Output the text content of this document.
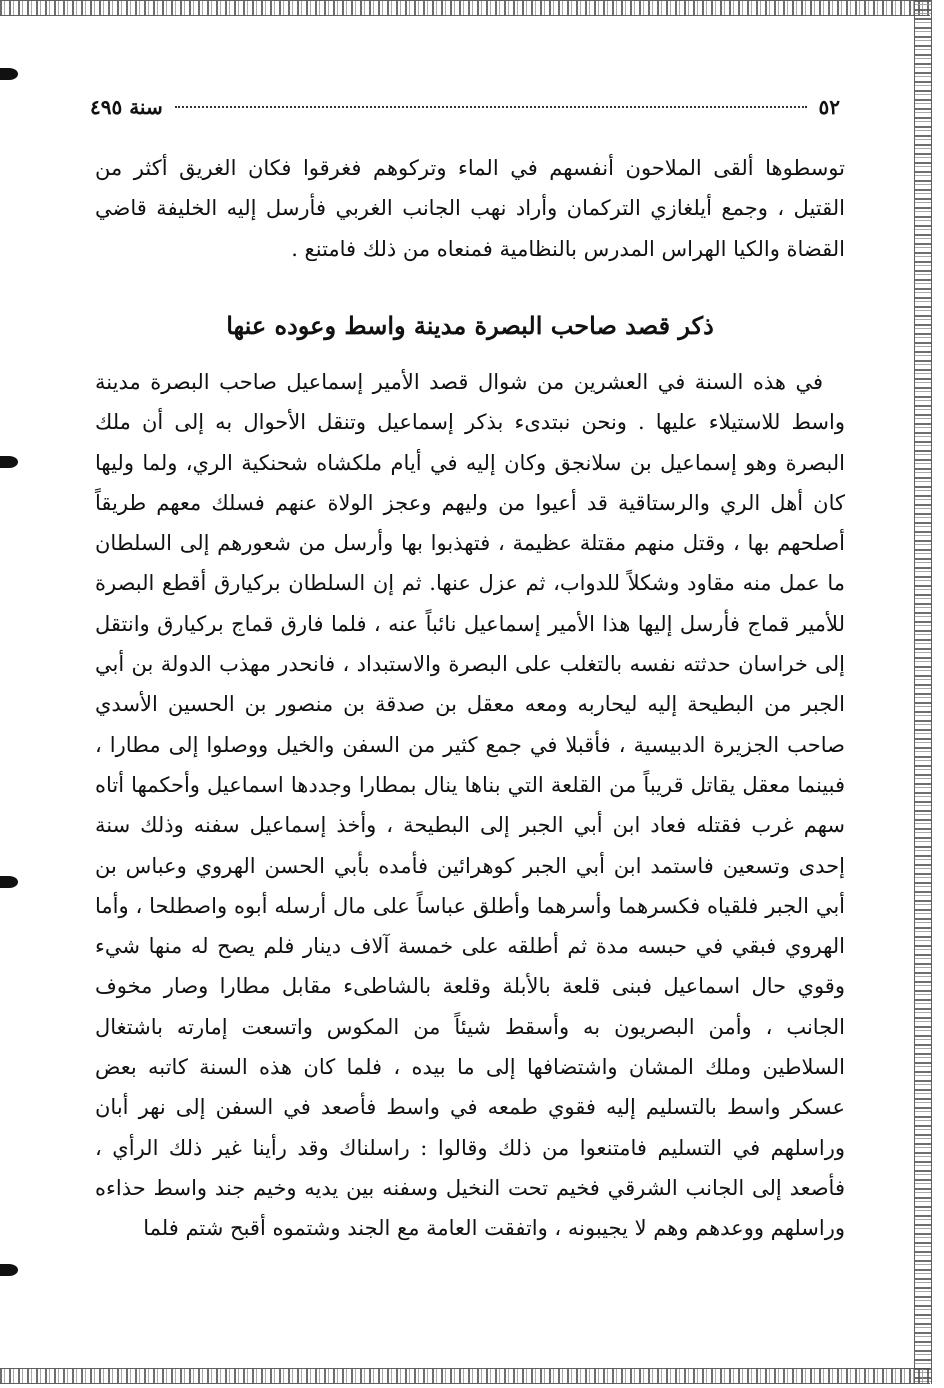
٥٢
سنة ٤٩٥

توسطوها ألقى الملاحون أنفسهم في الماء وتركوهم فغرقوا فكان الغريق أكثر من القتيل ، وجمع أيلغازي التركمان وأراد نهب الجانب الغربي فأرسل إليه الخليفة قاضي القضاة والكيا الهراس المدرس بالنظامية فمنعاه من ذلك فامتنع .

ذكر قصد صاحب البصرة مدينة واسط وعوده عنها

في هذه السنة في العشرين من شوال قصد الأمير إسماعيل صاحب البصرة مدينة واسط للاستيلاء عليها . ونحن نبتدىء بذكر إسماعيل وتنقل الأحوال به إلى أن ملك البصرة وهو إسماعيل بن سلانجق وكان إليه في أيام ملكشاه شحنكية الري، ولما وليها كان أهل الري والرستاقية قد أعيوا من وليهم وعجز الولاة عنهم فسلك معهم طريقاً أصلحهم بها ، وقتل منهم مقتلة عظيمة ، فتهذبوا بها وأرسل من شعورهم إلى السلطان ما عمل منه مقاود وشكلاً للدواب، ثم عزل عنها. ثم إن السلطان بركيارق أقطع البصرة للأمير قماج فأرسل إليها هذا الأمير إسماعيل نائباً عنه ، فلما فارق قماج بركيارق وانتقل إلى خراسان حدثته نفسه بالتغلب على البصرة والاستبداد ، فانحدر مهذب الدولة بن أبي الجبر من البطيحة إليه ليحاربه ومعه معقل بن صدقة بن منصور بن الحسين الأسدي صاحب الجزيرة الدبيسية ، فأقبلا في جمع كثير من السفن والخيل ووصلوا إلى مطارا ، فبينما معقل يقاتل قريباً من القلعة التي بناها ينال بمطارا وجددها اسماعيل وأحكمها أتاه سهم غرب فقتله فعاد ابن أبي الجبر إلى البطيحة ، وأخذ إسماعيل سفنه وذلك سنة إحدى وتسعين فاستمد ابن أبي الجبر كوهرائين فأمده بأبي الحسن الهروي وعباس بن أبي الجبر فلقياه فكسرهما وأسرهما وأطلق عباساً على مال أرسله أبوه واصطلحا ، وأما الهروي فبقي في حبسه مدة ثم أطلقه على خمسة آلاف دينار فلم يصح له منها شيء وقوي حال اسماعيل فبنى قلعة بالأبلة وقلعة بالشاطىء مقابل مطارا وصار مخوف الجانب ، وأمن البصريون به وأسقط شيئاً من المكوس واتسعت إمارته باشتغال السلاطين وملك المشان واشتضافها إلى ما بيده ، فلما كان هذه السنة كاتبه بعض عسكر واسط بالتسليم إليه فقوي طمعه في واسط فأصعد في السفن إلى نهر أبان وراسلهم في التسليم فامتنعوا من ذلك وقالوا : راسلناك وقد رأينا غير ذلك الرأي ، فأصعد إلى الجانب الشرقي فخيم تحت النخيل وسفنه بين يديه وخيم جند واسط حذاءه وراسلهم ووعدهم وهم لا يجيبونه ، واتفقت العامة مع الجند وشتموه أقبح شتم فلما
